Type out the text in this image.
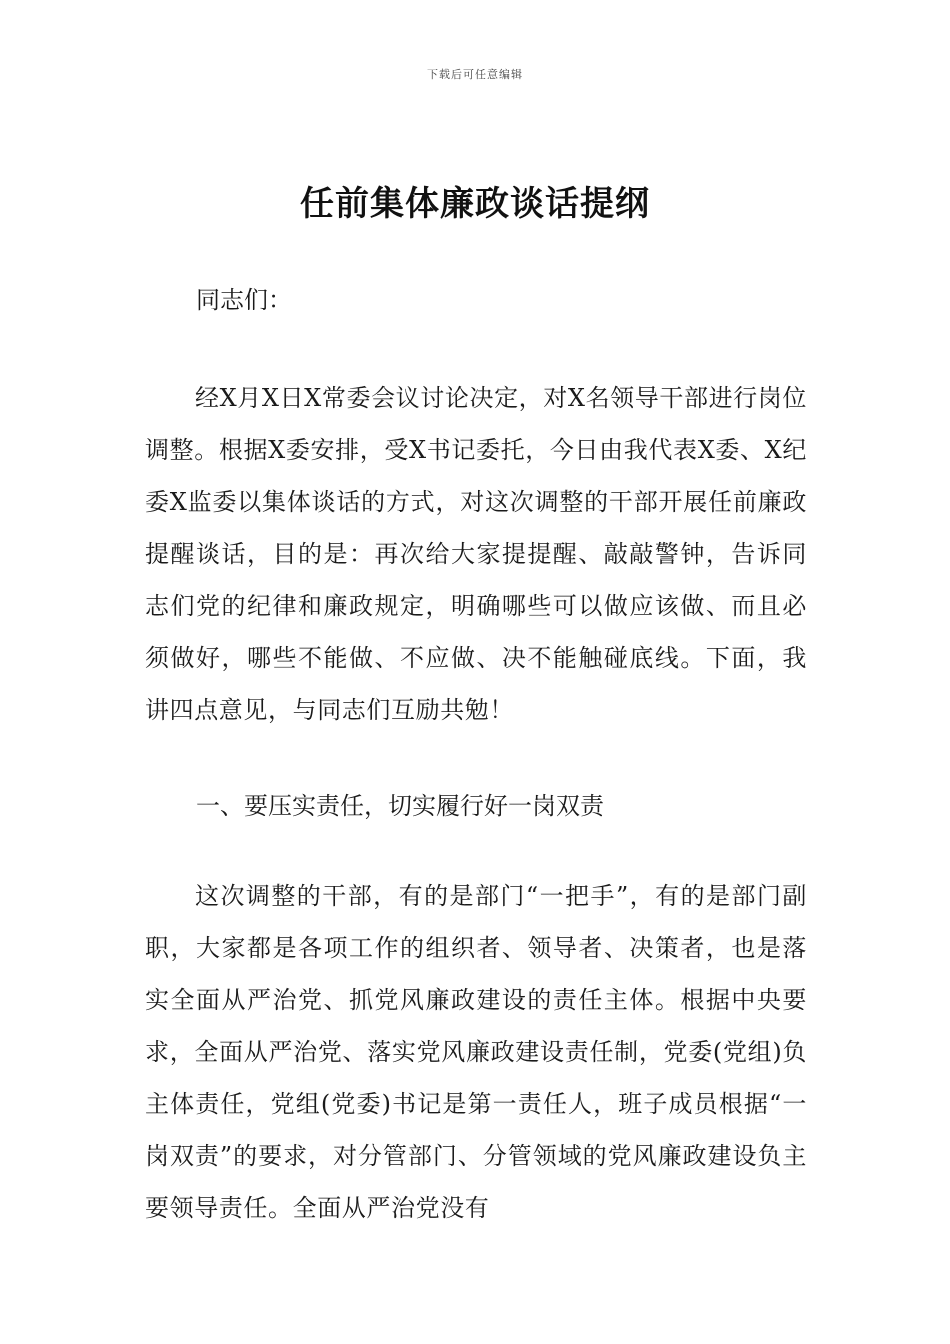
下载后可任意编辑
任前集体廉政谈话提纲

同志们：

经X月X日X常委会议讨论决定，对X名领导干部进行岗位调整。根据X委安排，受X书记委托，今日由我代表X委、X纪委X监委以集体谈话的方式，对这次调整的干部开展任前廉政提醒谈话，目的是：再次给大家提提醒、敲敲警钟，告诉同志们党的纪律和廉政规定，明确哪些可以做应该做、而且必须做好，哪些不能做、不应做、决不能触碰底线。下面，我讲四点意见，与同志们互励共勉！

一、要压实责任，切实履行好一岗双责

这次调整的干部，有的是部门“一把手”，有的是部门副职，大家都是各项工作的组织者、领导者、决策者，也是落实全面从严治党、抓党风廉政建设的责任主体。根据中央要求，全面从严治党、落实党风廉政建设责任制，党委(党组)负主体责任，党组(党委)书记是第一责任人，班子成员根据“一岗双责”的要求，对分管部门、分管领域的党风廉政建设负主要领导责任。全面从严治党没有
